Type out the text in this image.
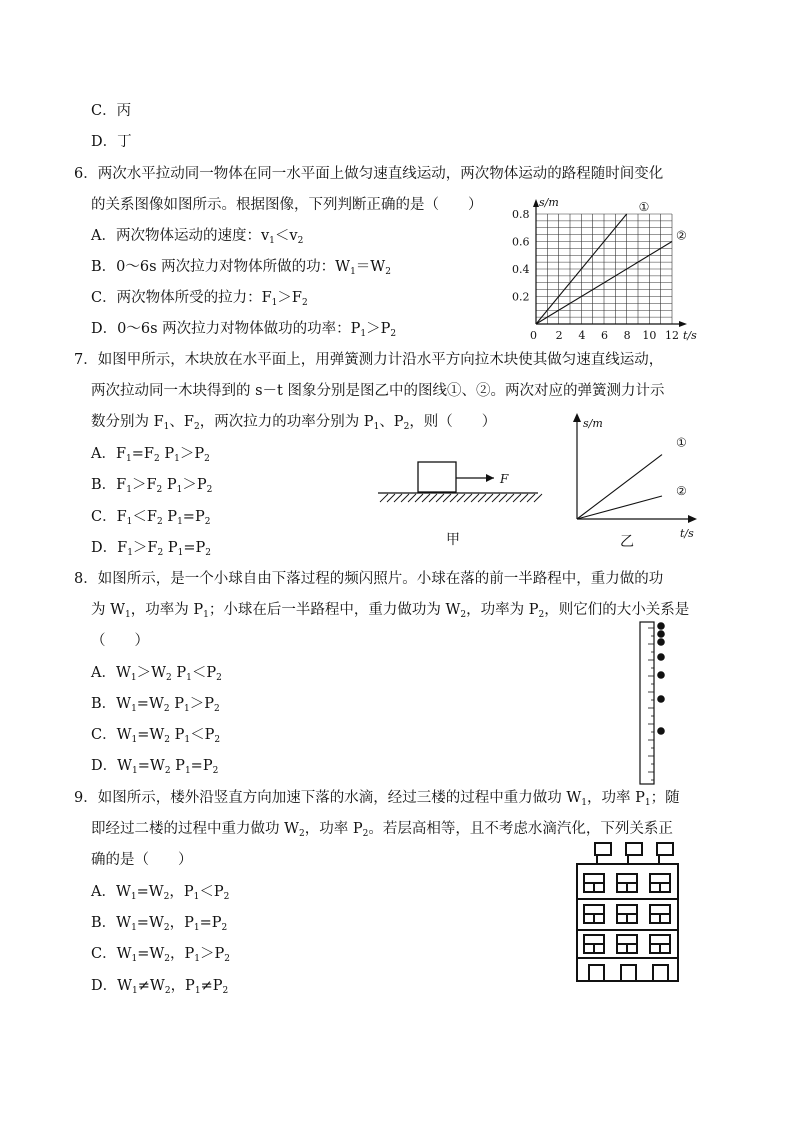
C．丙
D．丁
6．两次水平拉动同一物体在同一水平面上做匀速直线运动，两次物体运动的路程随时间变化
的关系图像如图所示。根据图像，下列判断正确的是（　　）
A．两次物体运动的速度：$v_1<v_2$
B．0～6s 两次拉力对物体所做的功：$W_1=W_2$
C．两次物体所受的拉力：$F_1>F_2$
D．0～6s 两次拉力对物体做功的功率：$P_1>P_2$
①
②
0 2 4 6 8 10 12
0.2
0.4
0.6
0.8
s/m
t/s
7．如图甲所示，木块放在水平面上，用弹簧测力计沿水平方向拉木块使其做匀速直线运动，
两次拉动同一木块得到的 s－t 图象分别是图乙中的图线①、②。两次对应的弹簧测力计示
数分别为 $F_1$、$F_2$，两次拉力的功率分别为 $P_1$、$P_2$，则（　　）
A．$F_1=F_2$ $P_1>P_2$
B．$F_1>F_2$ $P_1>P_2$
C．$F_1<F_2$ $P_1=P_2$
D．$F_1>F_2$ $P_1=P_2$
F
甲
s/m
t/s
①
②
乙
8．如图所示，是一个小球自由下落过程的频闪照片。小球在落的前一半路程中，重力做的功
为 $W_1$，功率为 $P_1$；小球在后一半路程中，重力做功为 $W_2$，功率为 $P_2$，则它们的大小关系是
（　　）
A．$W_1>W_2$ $P_1<P_2$
B．$W_1=W_2$ $P_1>P_2$
C．$W_1=W_2$ $P_1<P_2$
D．$W_1=W_2$ $P_1=P_2$
9．如图所示，楼外沿竖直方向加速下落的水滴，经过三楼的过程中重力做功 $W_1$，功率 $P_1$；随
即经过二楼的过程中重力做功 $W_2$，功率 $P_2$。若层高相等，且不考虑水滴汽化，下列关系正
确的是（　　）
A．$W_1=W_2$，$P_1<P_2$
B．$W_1=W_2$，$P_1=P_2$
C．$W_1=W_2$，$P_1>P_2$
D．$W_1\ne W_2$，$P_1\ne P_2$
